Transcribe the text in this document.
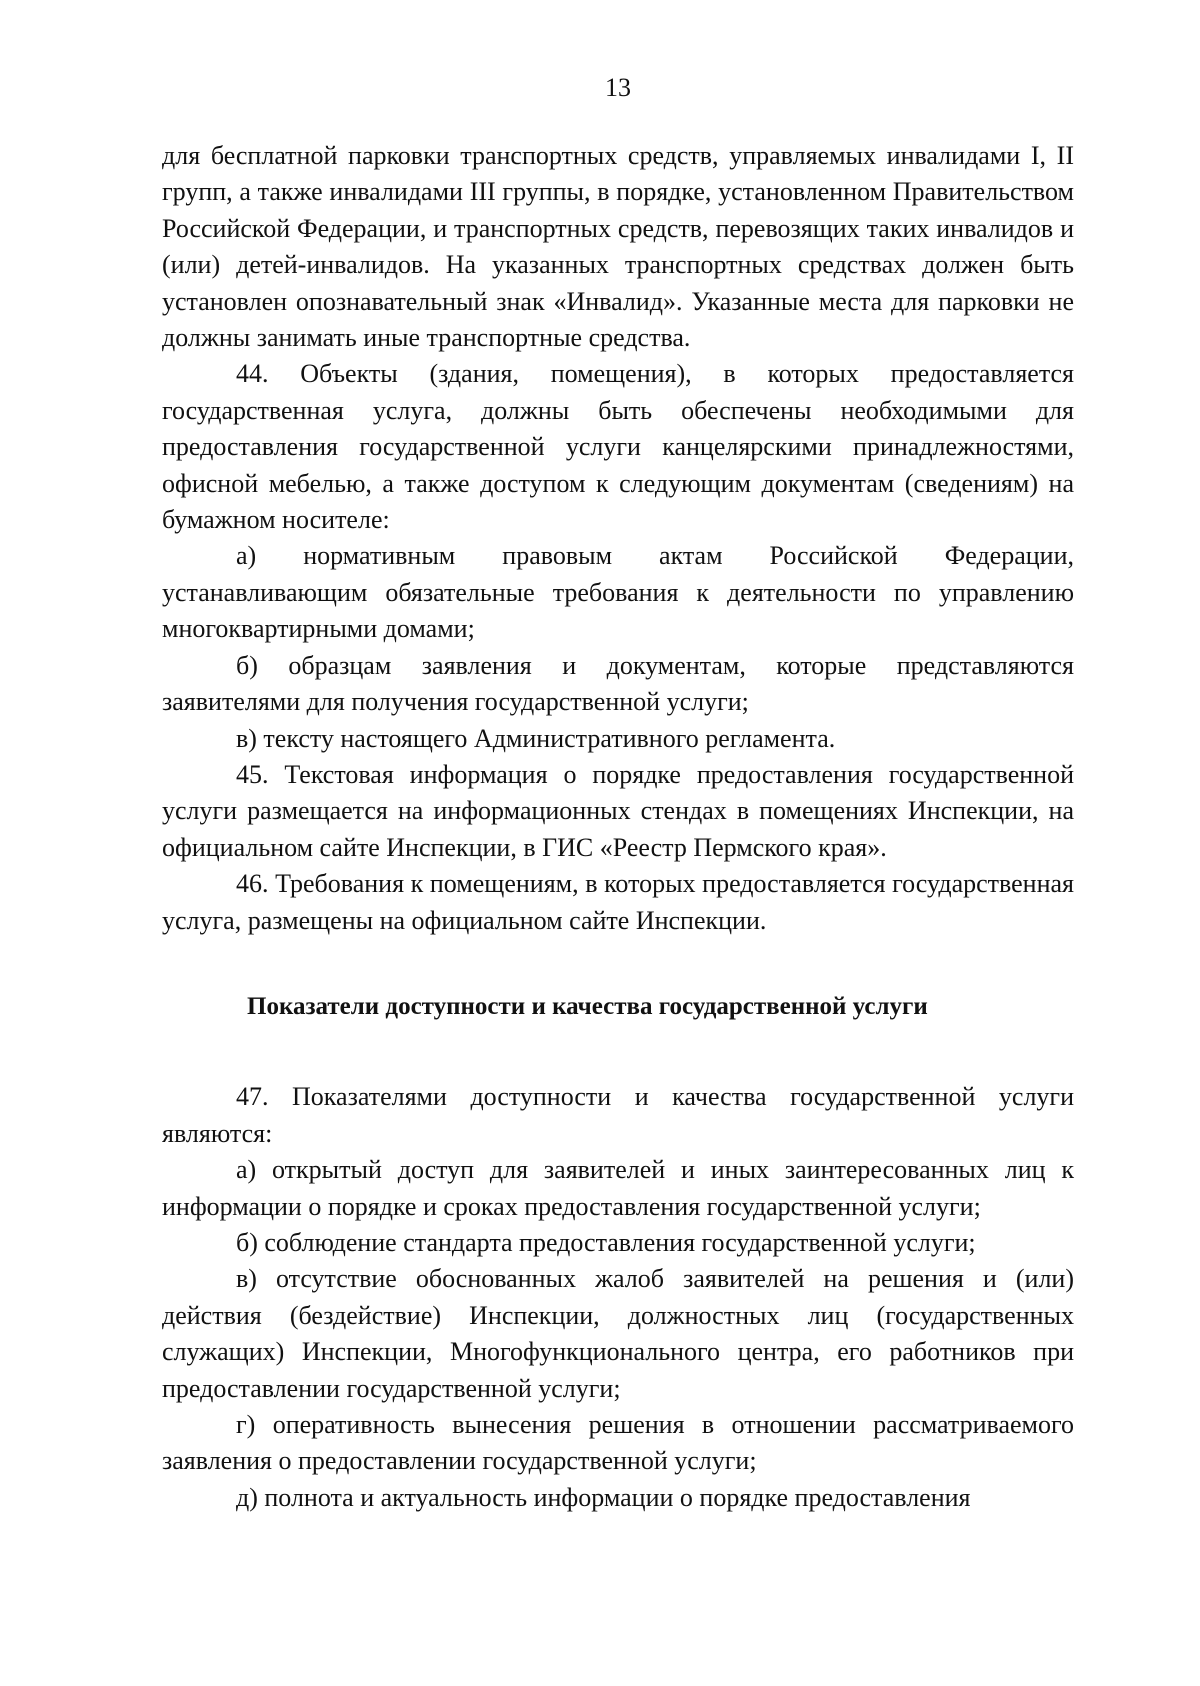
13

для бесплатной парковки транспортных средств, управляемых инвалидами I, II групп, а также инвалидами III группы, в порядке, установленном Правительством Российской Федерации, и транспортных средств, перевозящих таких инвалидов и (или) детей-инвалидов. На указанных транспортных средствах должен быть установлен опознавательный знак «Инвалид». Указанные места для парковки не должны занимать иные транспортные средства.

44. Объекты (здания, помещения), в которых предоставляется государственная услуга, должны быть обеспечены необходимыми для предоставления государственной услуги канцелярскими принадлежностями, офисной мебелью, а также доступом к следующим документам (сведениям) на бумажном носителе:

а) нормативным правовым актам Российской Федерации, устанавливающим обязательные требования к деятельности по управлению многоквартирными домами;

б) образцам заявления и документам, которые представляются заявителями для получения государственной услуги;

в) тексту настоящего Административного регламента.

45. Текстовая информация о порядке предоставления государственной услуги размещается на информационных стендах в помещениях Инспекции, на официальном сайте Инспекции, в ГИС «Реестр Пермского края».

46. Требования к помещениям, в которых предоставляется государственная услуга, размещены на официальном сайте Инспекции.

Показатели доступности и качества государственной услуги

47. Показателями доступности и качества государственной услуги являются:

а) открытый доступ для заявителей и иных заинтересованных лиц к информации о порядке и сроках предоставления государственной услуги;

б) соблюдение стандарта предоставления государственной услуги;

в) отсутствие обоснованных жалоб заявителей на решения и (или) действия (бездействие) Инспекции, должностных лиц (государственных служащих) Инспекции, Многофункционального центра, его работников при предоставлении государственной услуги;

г) оперативность вынесения решения в отношении рассматриваемого заявления о предоставлении государственной услуги;

д) полнота и актуальность информации о порядке предоставления
